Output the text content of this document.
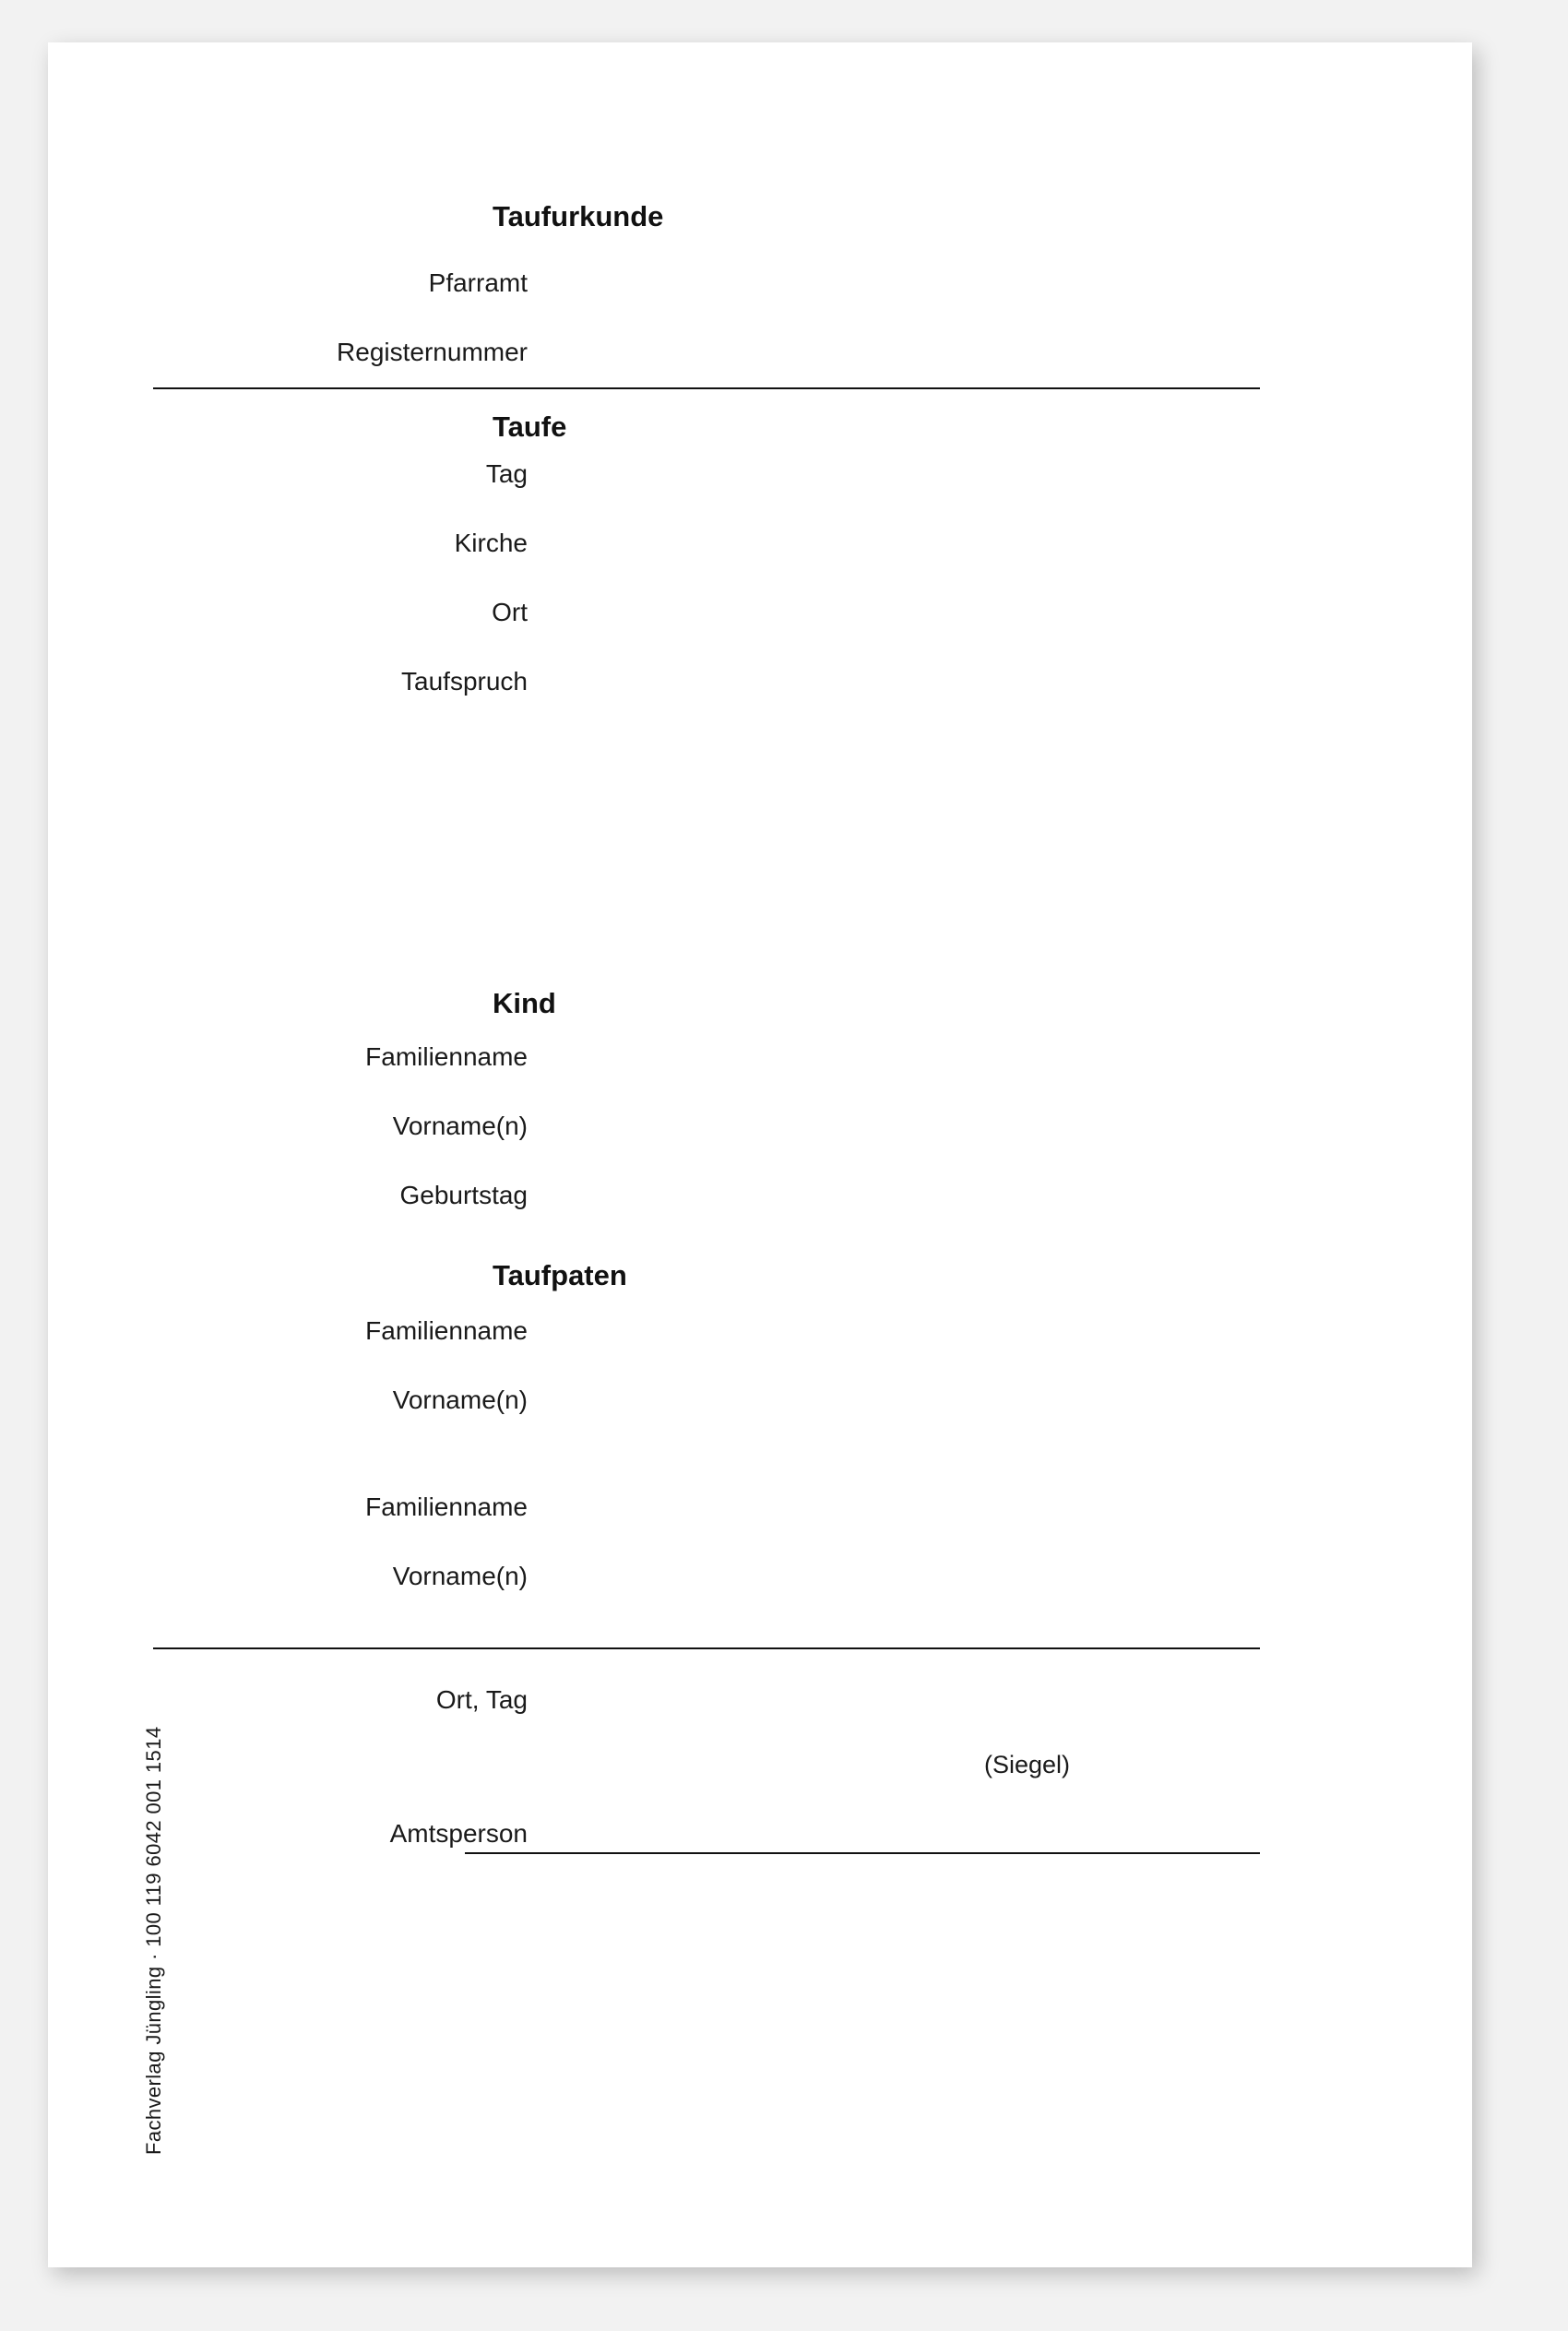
Taufurkunde
Pfarramt
Registernummer
Taufe
Tag
Kirche
Ort
Taufspruch
Kind
Familienname
Vorname(n)
Geburtstag
Taufpaten
Familienname
Vorname(n)
Familienname
Vorname(n)
Ort, Tag
(Siegel)
Amtsperson
Fachverlag Jüngling · 100 119 6042 001 1514
